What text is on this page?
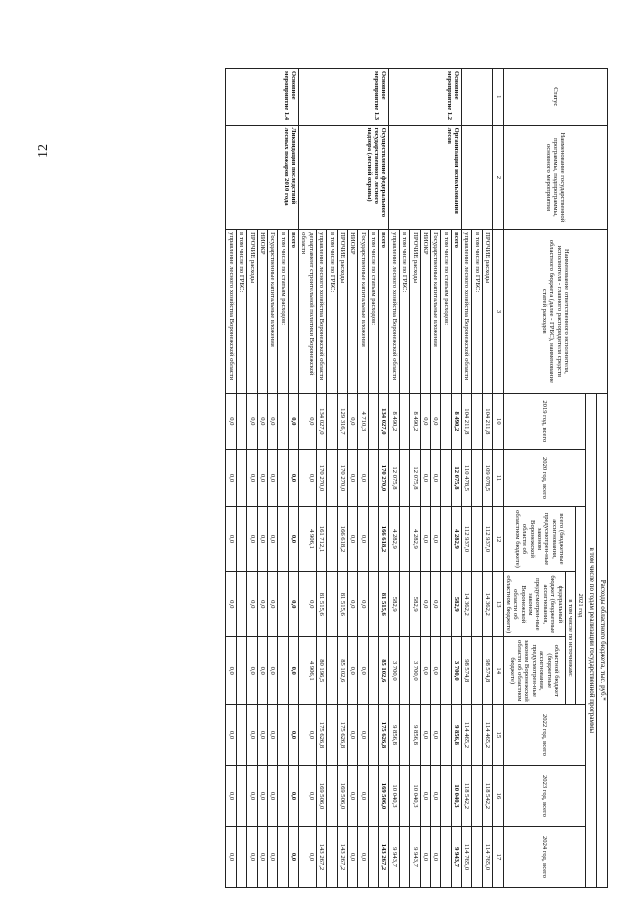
12
Статус	Наименование государственной программы, подпрограммы, основного мероприятия	Наименование ответственного исполнителя, исполнителя - главного распорядителя средств областного бюджета (далее - ГРБС), наименование статей расходов	Расходы областного бюджета, тыс. руб.*							
			в том числе по годам реализации государственной программы							
			2019 год, всего	2020 год, всего	2021 год			2022 год, всего	2023 год, всего	2024 год, всего
					всего (бюджетные ассигнования, предусмотрен-ные законом Воронежской области об областном бюджете)	в том числе по источникам:				
						федеральный бюджет (бюджетные ассигнования, предусмотрен-ные законом Воронежской области об областном бюджете)	областной бюджет (бюджетные ассигнования, предусмотрен-ные законом Воронежской области об областном бюджете)			
1	2	3	10	11	12	13	14	15	16	17
		ПРОЧИЕ расходы	104 211,8	109 078,5	112 937,0	14 362,2	98 574,8	114 465,2	118 542,2	114 765,0
		в том числе по ГРБС:								
		управление лесного хозяйства Воронежской области	104 211,8	110 478,5	112 937,0	14 362,2	98 574,8	114 465,2	118 542,2	114 765,0
Основное мероприятие 1.2	Организация использования лесов	всего	8 490,2	12 075,8	4 282,9	582,9	3 700,0	9 856,8	10 040,3	9 943,7
		в том числе по статьям расходов:								
		Государственные капитальные вложения	0,0	0,0	0,0	0,0	0,0	0,0	0,0	0,0
		НИОКР	0,0	0,0	0,0	0,0	0,0	0,0	0,0	0,0
		ПРОЧИЕ расходы	8 490,2	12 075,8	4 282,9	582,9	3 700,0	9 856,8	10 040,3	9 943,7
		в том числе по ГРБС:								
		управление лесного хозяйства Воронежской области	8 490,2	12 075,8	4 282,9	582,9	3 700,0	9 856,8	10 040,3	9 943,7
Основное мероприятие 1.3	Осуществление федерального государственного лесного надзора (лесной охраны)	всего	134 027,0	170 270,0	166 618,2	81 515,6	85 102,6	175 626,8	169 506,0	143 267,2
		в том числе по статьям расходов:								
		Государственные капитальные вложения	4 710,3	0,0	0,0	0,0	0,0	0,0	0,0	0,0
		НИОКР	0,0	0,0	0,0	0,0	0,0	0,0	0,0	0,0
		ПРОЧИЕ расходы	129 316,7	170 270,0	166 618,2	81 515,6	85 102,6	175 626,8	169 506,0	143 267,2
		в том числе по ГРБС:								
		управление лесного хозяйства Воронежской области	134 027,0	170 270,0	161 712,1	81 515,6	80 196,5	175 626,8	169 506,0	143 267,2
		департамент строительной политики Воронежской области	0,0	0,0	4 906,1	0,0	4 906,1	0,0	0,0	0,0
Основное мероприятие 1.4	Ликвидация последствий лесных пожаров 2010 года	всего	0,0	0,0	0,0	0,0	0,0	0,0	0,0	0,0
		в том числе по статьям расходов:								
		Государственные капитальные вложения	0,0	0,0	0,0	0,0	0,0	0,0	0,0	0,0
		НИОКР	0,0	0,0	0,0	0,0	0,0	0,0	0,0	0,0
		ПРОЧИЕ расходы	0,0	0,0	0,0	0,0	0,0	0,0	0,0	0,0
		в том числе по ГРБС:								
		управление лесного хозяйства Воронежской области	0,0	0,0	0,0	0,0	0,0	0,0	0,0	0,0
